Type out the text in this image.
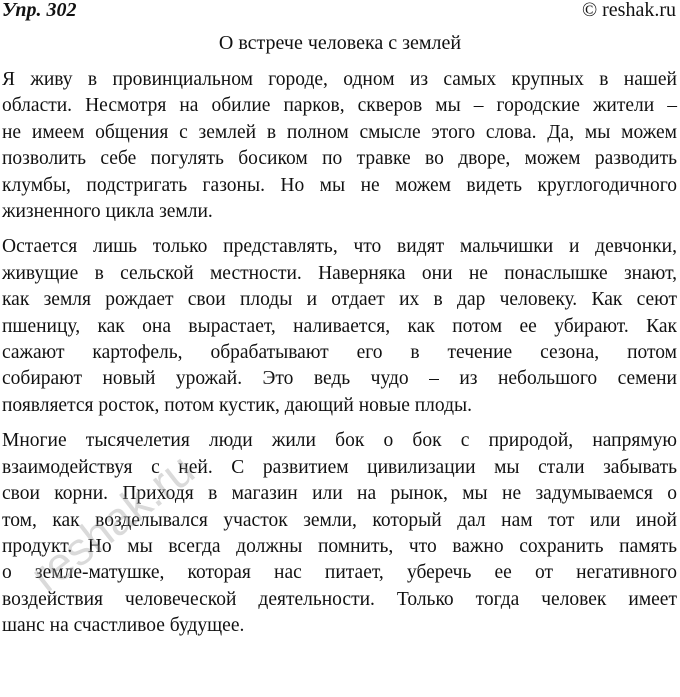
Упр. 302	© reshak.ru
О встрече человека с землей

Я живу в провинциальном городе, одном из самых крупных в нашей
области. Несмотря на обилие парков, скверов мы – городские жители –
не имеем общения с землей в полном смысле этого слова. Да, мы можем
позволить себе погулять босиком по травке во дворе, можем разводить
клумбы, подстригать газоны. Но мы не можем видеть круглогодичного
жизненного цикла земли.

Остается лишь только представлять, что видят мальчишки и девчонки,
живущие в сельской местности. Наверняка они не понаслышке знают,
как земля рождает свои плоды и отдает их в дар человеку. Как сеют
пшеницу, как она вырастает, наливается, как потом ее убирают. Как
сажают картофель, обрабатывают его в течение сезона, потом
собирают новый урожай. Это ведь чудо – из небольшого семени
появляется росток, потом кустик, дающий новые плоды.

Многие тысячелетия люди жили бок о бок с природой, напрямую
взаимодействуя с ней. С развитием цивилизации мы стали забывать
свои корни. Приходя в магазин или на рынок, мы не задумываемся о
том, как возделывался участок земли, который дал нам тот или иной
продукт. Но мы всегда должны помнить, что важно сохранить память
о земле-матушке, которая нас питает, уберечь ее от негативного
воздействия человеческой деятельности. Только тогда человек имеет
шанс на счастливое будущее.

reshak.ru
